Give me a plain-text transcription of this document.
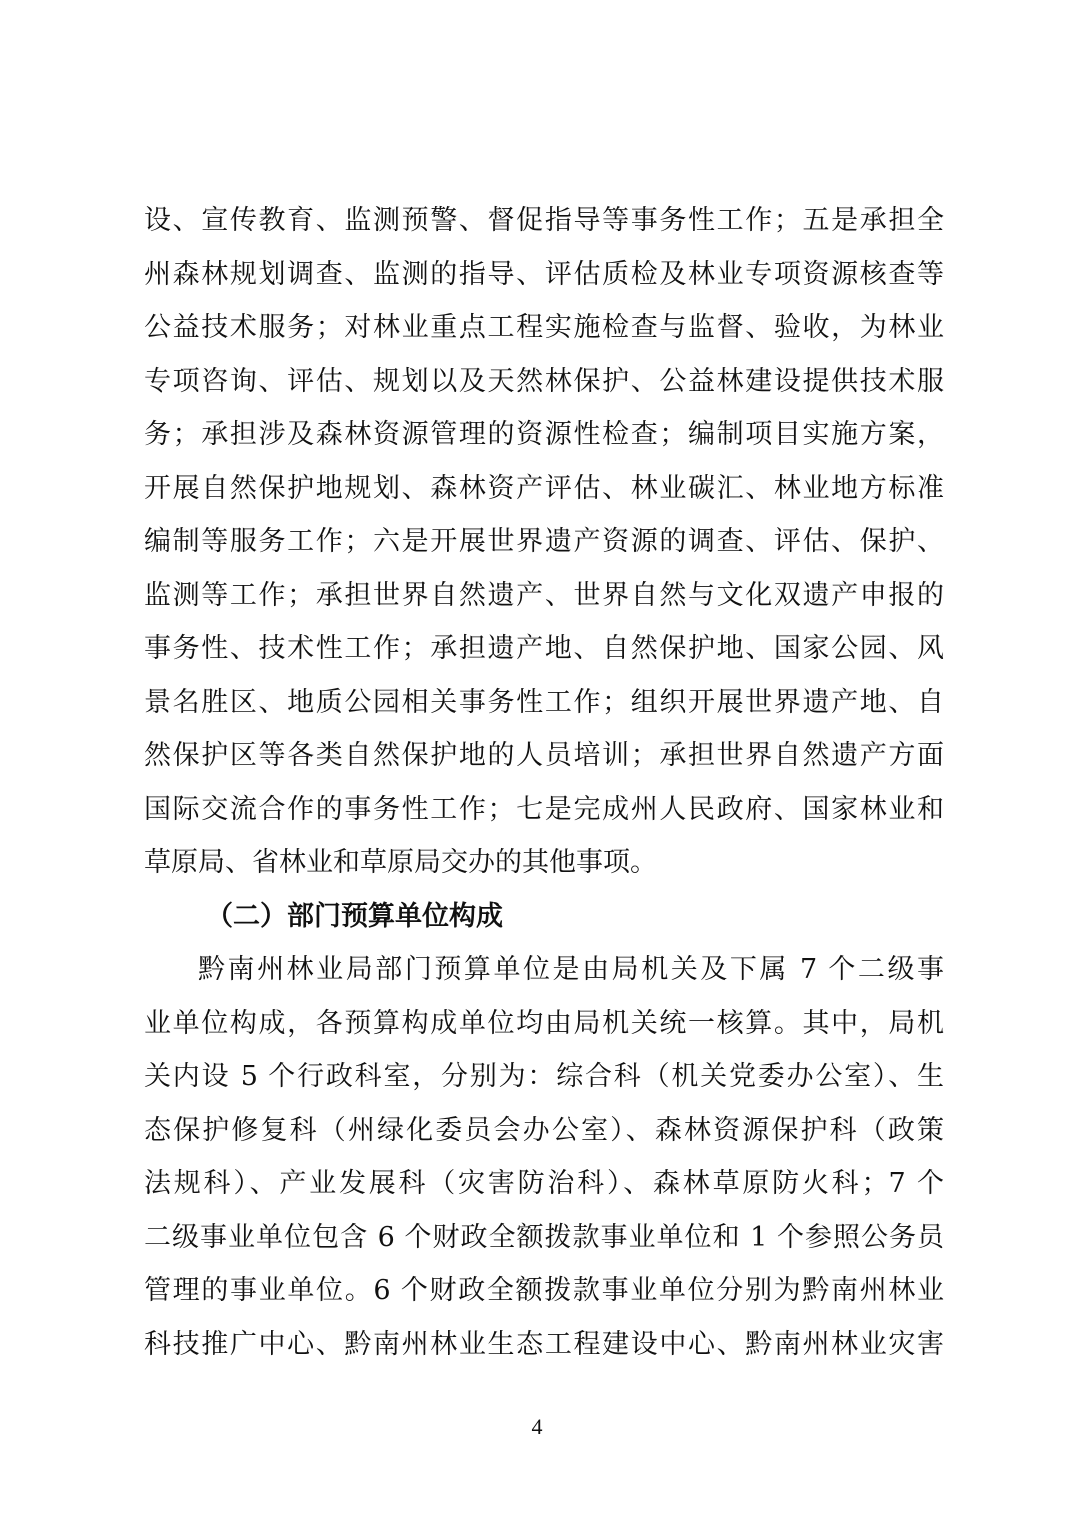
设、宣传教育、监测预警、督促指导等事务性工作；五是承担全
州森林规划调查、监测的指导、评估质检及林业专项资源核查等
公益技术服务；对林业重点工程实施检查与监督、验收，为林业
专项咨询、评估、规划以及天然林保护、公益林建设提供技术服
务；承担涉及森林资源管理的资源性检查；编制项目实施方案，
开展自然保护地规划、森林资产评估、林业碳汇、林业地方标准
编制等服务工作；六是开展世界遗产资源的调查、评估、保护、
监测等工作；承担世界自然遗产、世界自然与文化双遗产申报的
事务性、技术性工作；承担遗产地、自然保护地、国家公园、风
景名胜区、地质公园相关事务性工作；组织开展世界遗产地、自
然保护区等各类自然保护地的人员培训；承担世界自然遗产方面
国际交流合作的事务性工作；七是完成州人民政府、国家林业和
草原局、省林业和草原局交办的其他事项。
（二）部门预算单位构成
黔南州林业局部门预算单位是由局机关及下属 7 个二级事
业单位构成，各预算构成单位均由局机关统一核算。其中，局机
关内设 5 个行政科室，分别为：综合科（机关党委办公室）、生
态保护修复科（州绿化委员会办公室）、森林资源保护科（政策
法规科）、产业发展科（灾害防治科）、森林草原防火科；7 个
二级事业单位包含 6 个财政全额拨款事业单位和 1 个参照公务员
管理的事业单位。6 个财政全额拨款事业单位分别为黔南州林业
科技推广中心、黔南州林业生态工程建设中心、黔南州林业灾害
4
